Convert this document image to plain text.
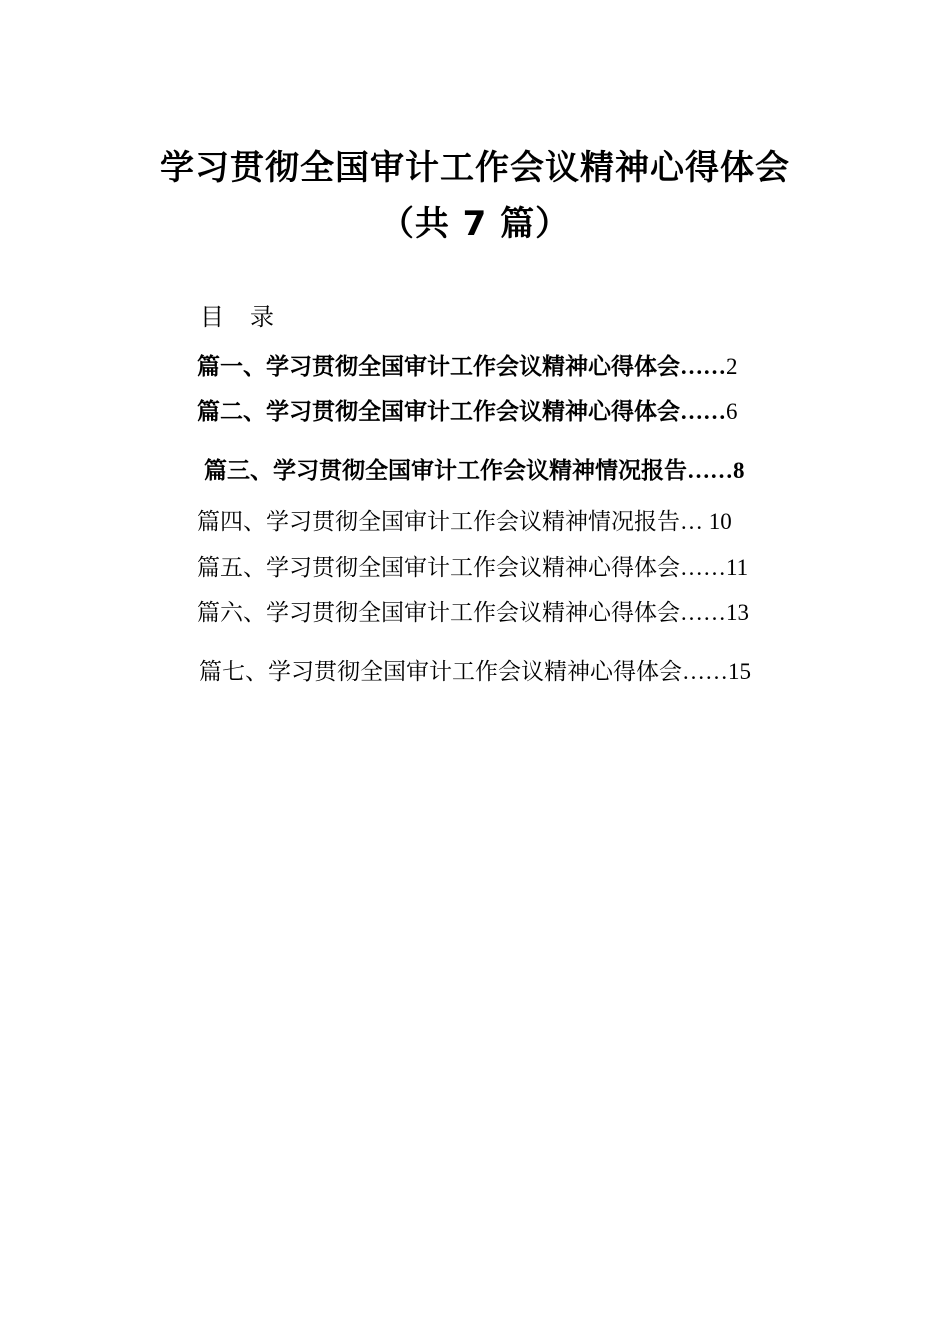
学习贯彻全国审计工作会议精神心得体会
（共 7 篇）
目录
篇一、学习贯彻全国审计工作会议精神心得体会……2
篇二、学习贯彻全国审计工作会议精神心得体会……6
篇三、学习贯彻全国审计工作会议精神情况报告……8
篇四、学习贯彻全国审计工作会议精神情况报告… 10
篇五、学习贯彻全国审计工作会议精神心得体会……11
篇六、学习贯彻全国审计工作会议精神心得体会……13
篇七、学习贯彻全国审计工作会议精神心得体会……15
